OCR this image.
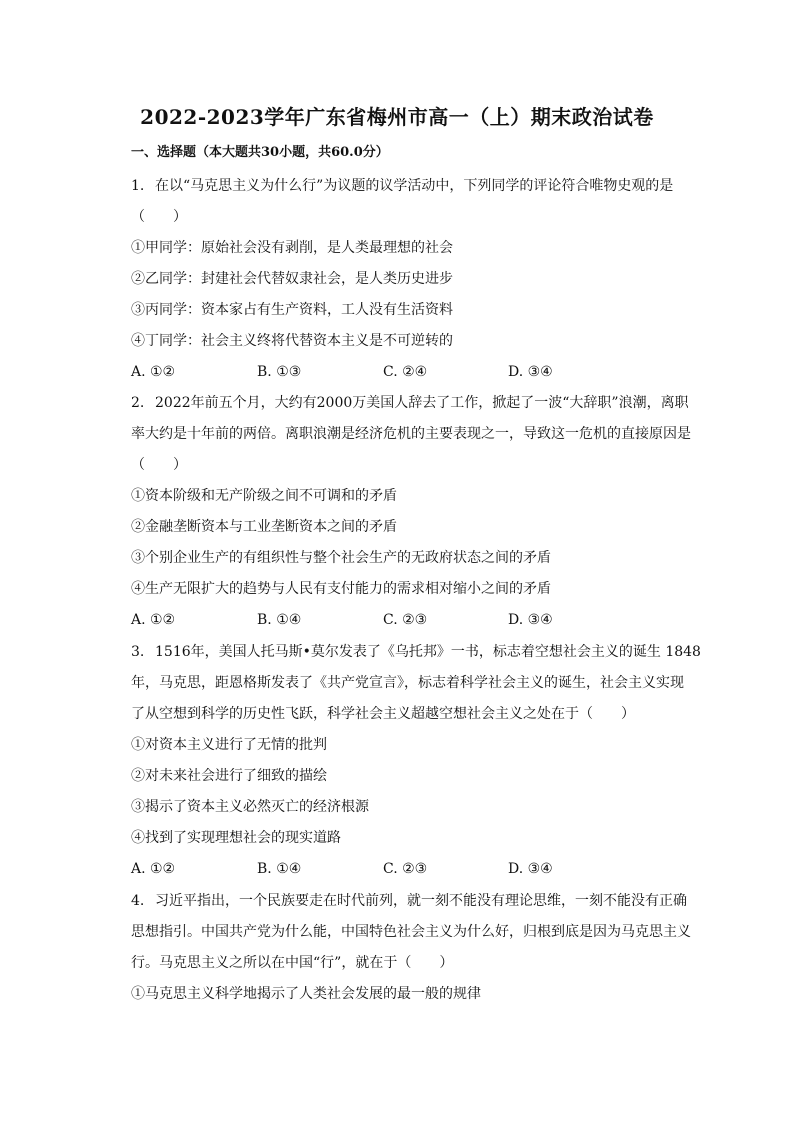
2022-2023学年广东省梅州市高一（上）期末政治试卷
一、选择题（本大题共30小题，共60.0分）
1. 在以“马克思主义为什么行”为议题的议学活动中，下列同学的评论符合唯物史观的是
（　　）
①甲同学：原始社会没有剥削，是人类最理想的社会
②乙同学：封建社会代替奴隶社会，是人类历史进步
③丙同学：资本家占有生产资料，工人没有生活资料
④丁同学：社会主义终将代替资本主义是不可逆转的
A. ①②	B. ①③	C. ②④	D. ③④
2. 2022年前五个月，大约有2000万美国人辞去了工作，掀起了一波“大辞职”浪潮，离职
率大约是十年前的两倍。离职浪潮是经济危机的主要表现之一，导致这一危机的直接原因是
（　　）
①资本阶级和无产阶级之间不可调和的矛盾
②金融垄断资本与工业垄断资本之间的矛盾
③个别企业生产的有组织性与整个社会生产的无政府状态之间的矛盾
④生产无限扩大的趋势与人民有支付能力的需求相对缩小之间的矛盾
A. ①②	B. ①④	C. ②③	D. ③④
3. 1516年，美国人托马斯•莫尔发表了《乌托邦》一书，标志着空想社会主义的诞生 1848
年，马克思，距恩格斯发表了《共产党宣言》，标志着科学社会主义的诞生，社会主义实现
了从空想到科学的历史性飞跃，科学社会主义超越空想社会主义之处在于（　　）
①对资本主义进行了无情的批判
②对未来社会进行了细致的描绘
③揭示了资本主义必然灭亡的经济根源
④找到了实现理想社会的现实道路
A. ①②	B. ①④	C. ②③	D. ③④
4. 习近平指出，一个民族要走在时代前列，就一刻不能没有理论思维，一刻不能没有正确
思想指引。中国共产党为什么能，中国特色社会主义为什么好，归根到底是因为马克思主义
行。马克思主义之所以在中国“行”，就在于（　　）
①马克思主义科学地揭示了人类社会发展的最一般的规律
